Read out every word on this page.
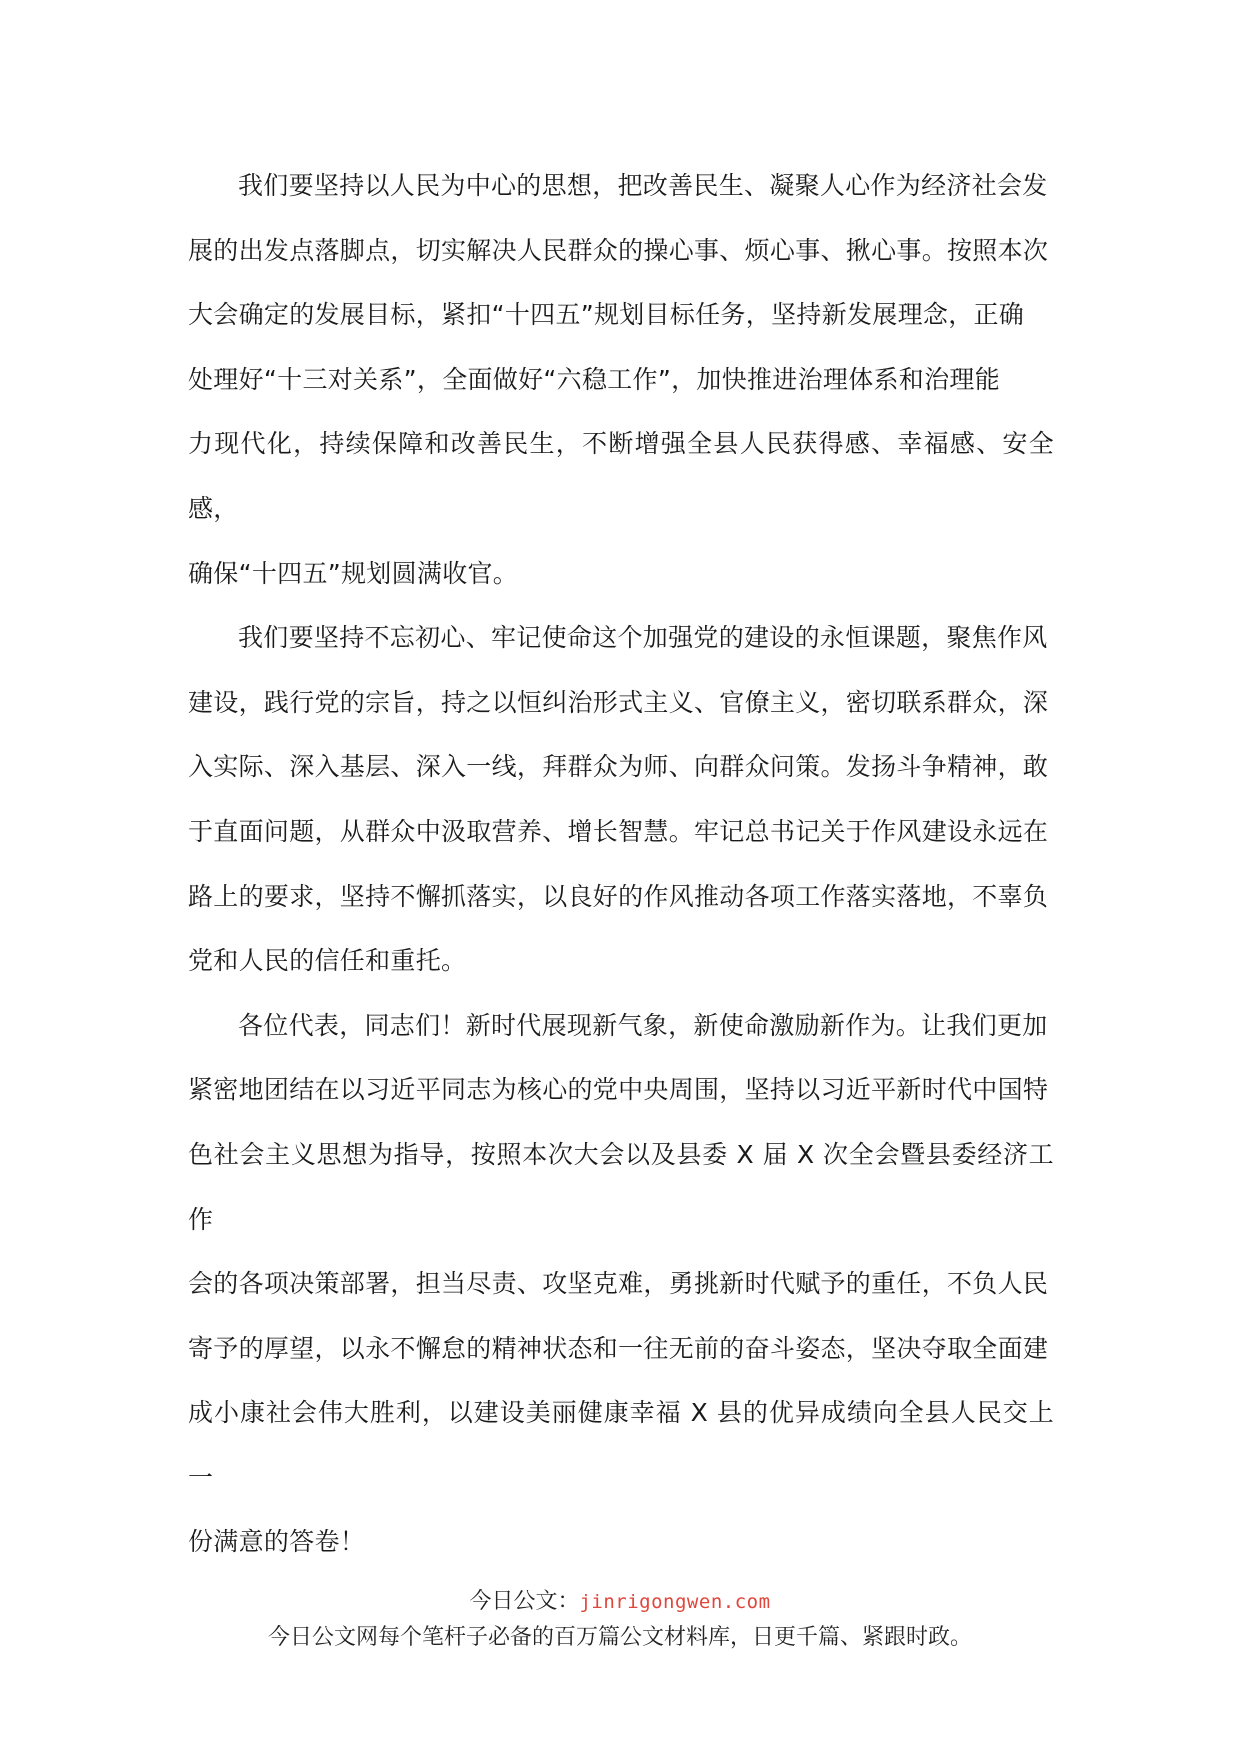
我们要坚持以人民为中心的思想，把改善民生、凝聚人心作为经济社会发
展的出发点落脚点，切实解决人民群众的操心事、烦心事、揪心事。按照本次
大会确定的发展目标，紧扣“十四五”规划目标任务，坚持新发展理念，正确
处理好“十三对关系”，全面做好“六稳工作”，加快推进治理体系和治理能
力现代化，持续保障和改善民生，不断增强全县人民获得感、幸福感、安全感，
确保“十四五”规划圆满收官。

我们要坚持不忘初心、牢记使命这个加强党的建设的永恒课题，聚焦作风
建设，践行党的宗旨，持之以恒纠治形式主义、官僚主义，密切联系群众，深
入实际、深入基层、深入一线，拜群众为师、向群众问策。发扬斗争精神，敢
于直面问题，从群众中汲取营养、增长智慧。牢记总书记关于作风建设永远在
路上的要求，坚持不懈抓落实，以良好的作风推动各项工作落实落地，不辜负
党和人民的信任和重托。

各位代表，同志们！新时代展现新气象，新使命激励新作为。让我们更加
紧密地团结在以习近平同志为核心的党中央周围，坚持以习近平新时代中国特
色社会主义思想为指导，按照本次大会以及县委 X 届 X 次全会暨县委经济工作
会的各项决策部署，担当尽责、攻坚克难，勇挑新时代赋予的重任，不负人民
寄予的厚望，以永不懈怠的精神状态和一往无前的奋斗姿态，坚决夺取全面建
成小康社会伟大胜利，以建设美丽健康幸福 X 县的优异成绩向全县人民交上一
份满意的答卷！

今日公文：jinrigongwen.com
今日公文网每个笔杆子必备的百万篇公文材料库，日更千篇、紧跟时政。
